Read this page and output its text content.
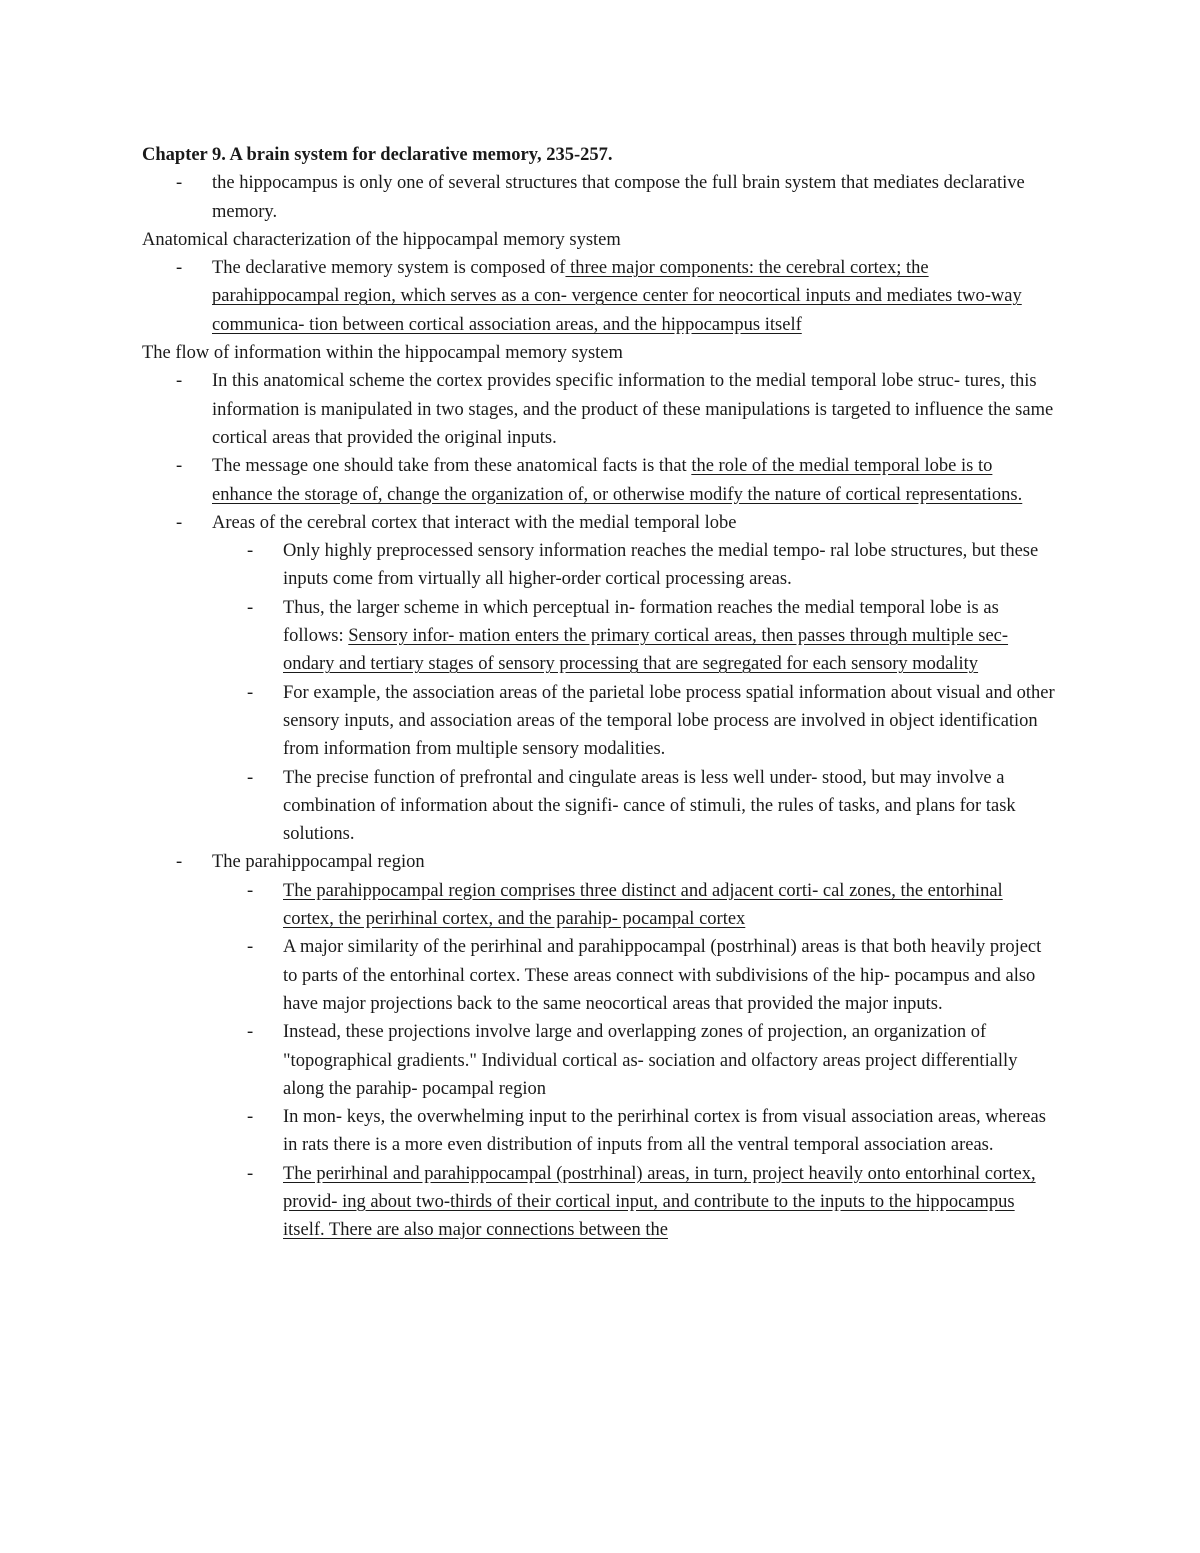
Chapter 9. A brain system for declarative memory, 235-257.

- the hippocampus is only one of several structures that compose the full brain system that mediates declarative memory.

Anatomical characterization of the hippocampal memory system

- The declarative memory system is composed of three major components: the cerebral cortex; the parahippocampal region, which serves as a con- vergence center for neocortical inputs and mediates two-way communica- tion between cortical association areas, and the hippocampus itself

The flow of information within the hippocampal memory system

- In this anatomical scheme the cortex provides specific information to the medial temporal lobe struc- tures, this information is manipulated in two stages, and the product of these manipulations is targeted to influence the same cortical areas that provided the original inputs.
- The message one should take from these anatomical facts is that the role of the medial temporal lobe is to enhance the storage of, change the organization of, or otherwise modify the nature of cortical representations.
- Areas of the cerebral cortex that interact with the medial temporal lobe
- Only highly preprocessed sensory information reaches the medial tempo- ral lobe structures, but these inputs come from virtually all higher-order cortical processing areas.
- Thus, the larger scheme in which perceptual in- formation reaches the medial temporal lobe is as follows: Sensory infor- mation enters the primary cortical areas, then passes through multiple sec- ondary and tertiary stages of sensory processing that are segregated for each sensory modality
- For example, the association areas of the parietal lobe process spatial information about visual and other sensory inputs, and association areas of the temporal lobe process are involved in object identification from information from multiple sensory modalities.
- The precise function of prefrontal and cingulate areas is less well under- stood, but may involve a combination of information about the signifi- cance of stimuli, the rules of tasks, and plans for task solutions.
- The parahippocampal region
- The parahippocampal region comprises three distinct and adjacent corti- cal zones, the entorhinal cortex, the perirhinal cortex, and the parahip- pocampal cortex
- A major similarity of the perirhinal and parahippocampal (postrhinal) areas is that both heavily project to parts of the entorhinal cortex. These areas connect with subdivisions of the hip- pocampus and also have major projections back to the same neocortical areas that provided the major inputs.
- Instead, these projections involve large and overlapping zones of projection, an organization of "topographical gradients." Individual cortical as- sociation and olfactory areas project differentially along the parahip- pocampal region
- In mon- keys, the overwhelming input to the perirhinal cortex is from visual association areas, whereas in rats there is a more even distribution of inputs from all the ventral temporal association areas.
- The perirhinal and parahippocampal (postrhinal) areas, in turn, project heavily onto entorhinal cortex, provid- ing about two-thirds of their cortical input, and contribute to the inputs to the hippocampus itself. There are also major connections between the
